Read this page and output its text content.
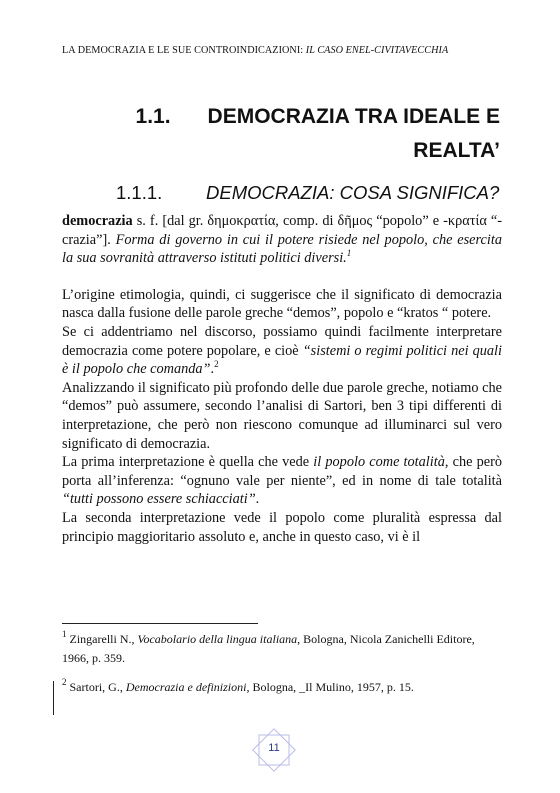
LA DEMOCRAZIA E LE SUE CONTROINDICAZIONI: IL CASO ENEL-CIVITAVECCHIA
1.1. DEMOCRAZIA TRA IDEALE E
REALTA’
1.1.1. DEMOCRAZIA: COSA SIGNIFICA?

democrazia s. f. [dal gr. δημοκρατία, comp. di δῆμος “popolo” e -κρατία “-crazia”]. Forma di governo in cui il potere risiede nel popolo, che esercita la sua sovranità attraverso istituti politici diversi.$^1$

L’origine etimologia, quindi, ci suggerisce che il significato di democrazia nasca dalla fusione delle parole greche “demos”, popolo e “kratos “ potere.

Se ci addentriamo nel discorso, possiamo quindi facilmente interpretare democrazia come potere popolare, e cioè “sistemi o regimi politici nei quali è il popolo che comanda”.$^2$

Analizzando il significato più profondo delle due parole greche, notiamo che “demos” può assumere, secondo l’analisi di Sartori, ben 3 tipi differenti di interpretazione, che però non riescono comunque ad illuminarci sul vero significato di democrazia.

La prima interpretazione è quella che vede il popolo come totalità, che però porta all’inferenza: “ognuno vale per niente”, ed in nome di tale totalità “tutti possono essere schiacciati”.

La seconda interpretazione vede il popolo come pluralità espressa dal principio maggioritario assoluto e, anche in questo caso, vi è il

$^1$ Zingarelli N., Vocabolario della lingua italiana, Bologna, Nicola Zanichelli Editore, 1966, p. 359.

$^2$ Sartori, G., Democrazia e definizioni, Bologna, _Il Mulino, 1957, p. 15.

11
